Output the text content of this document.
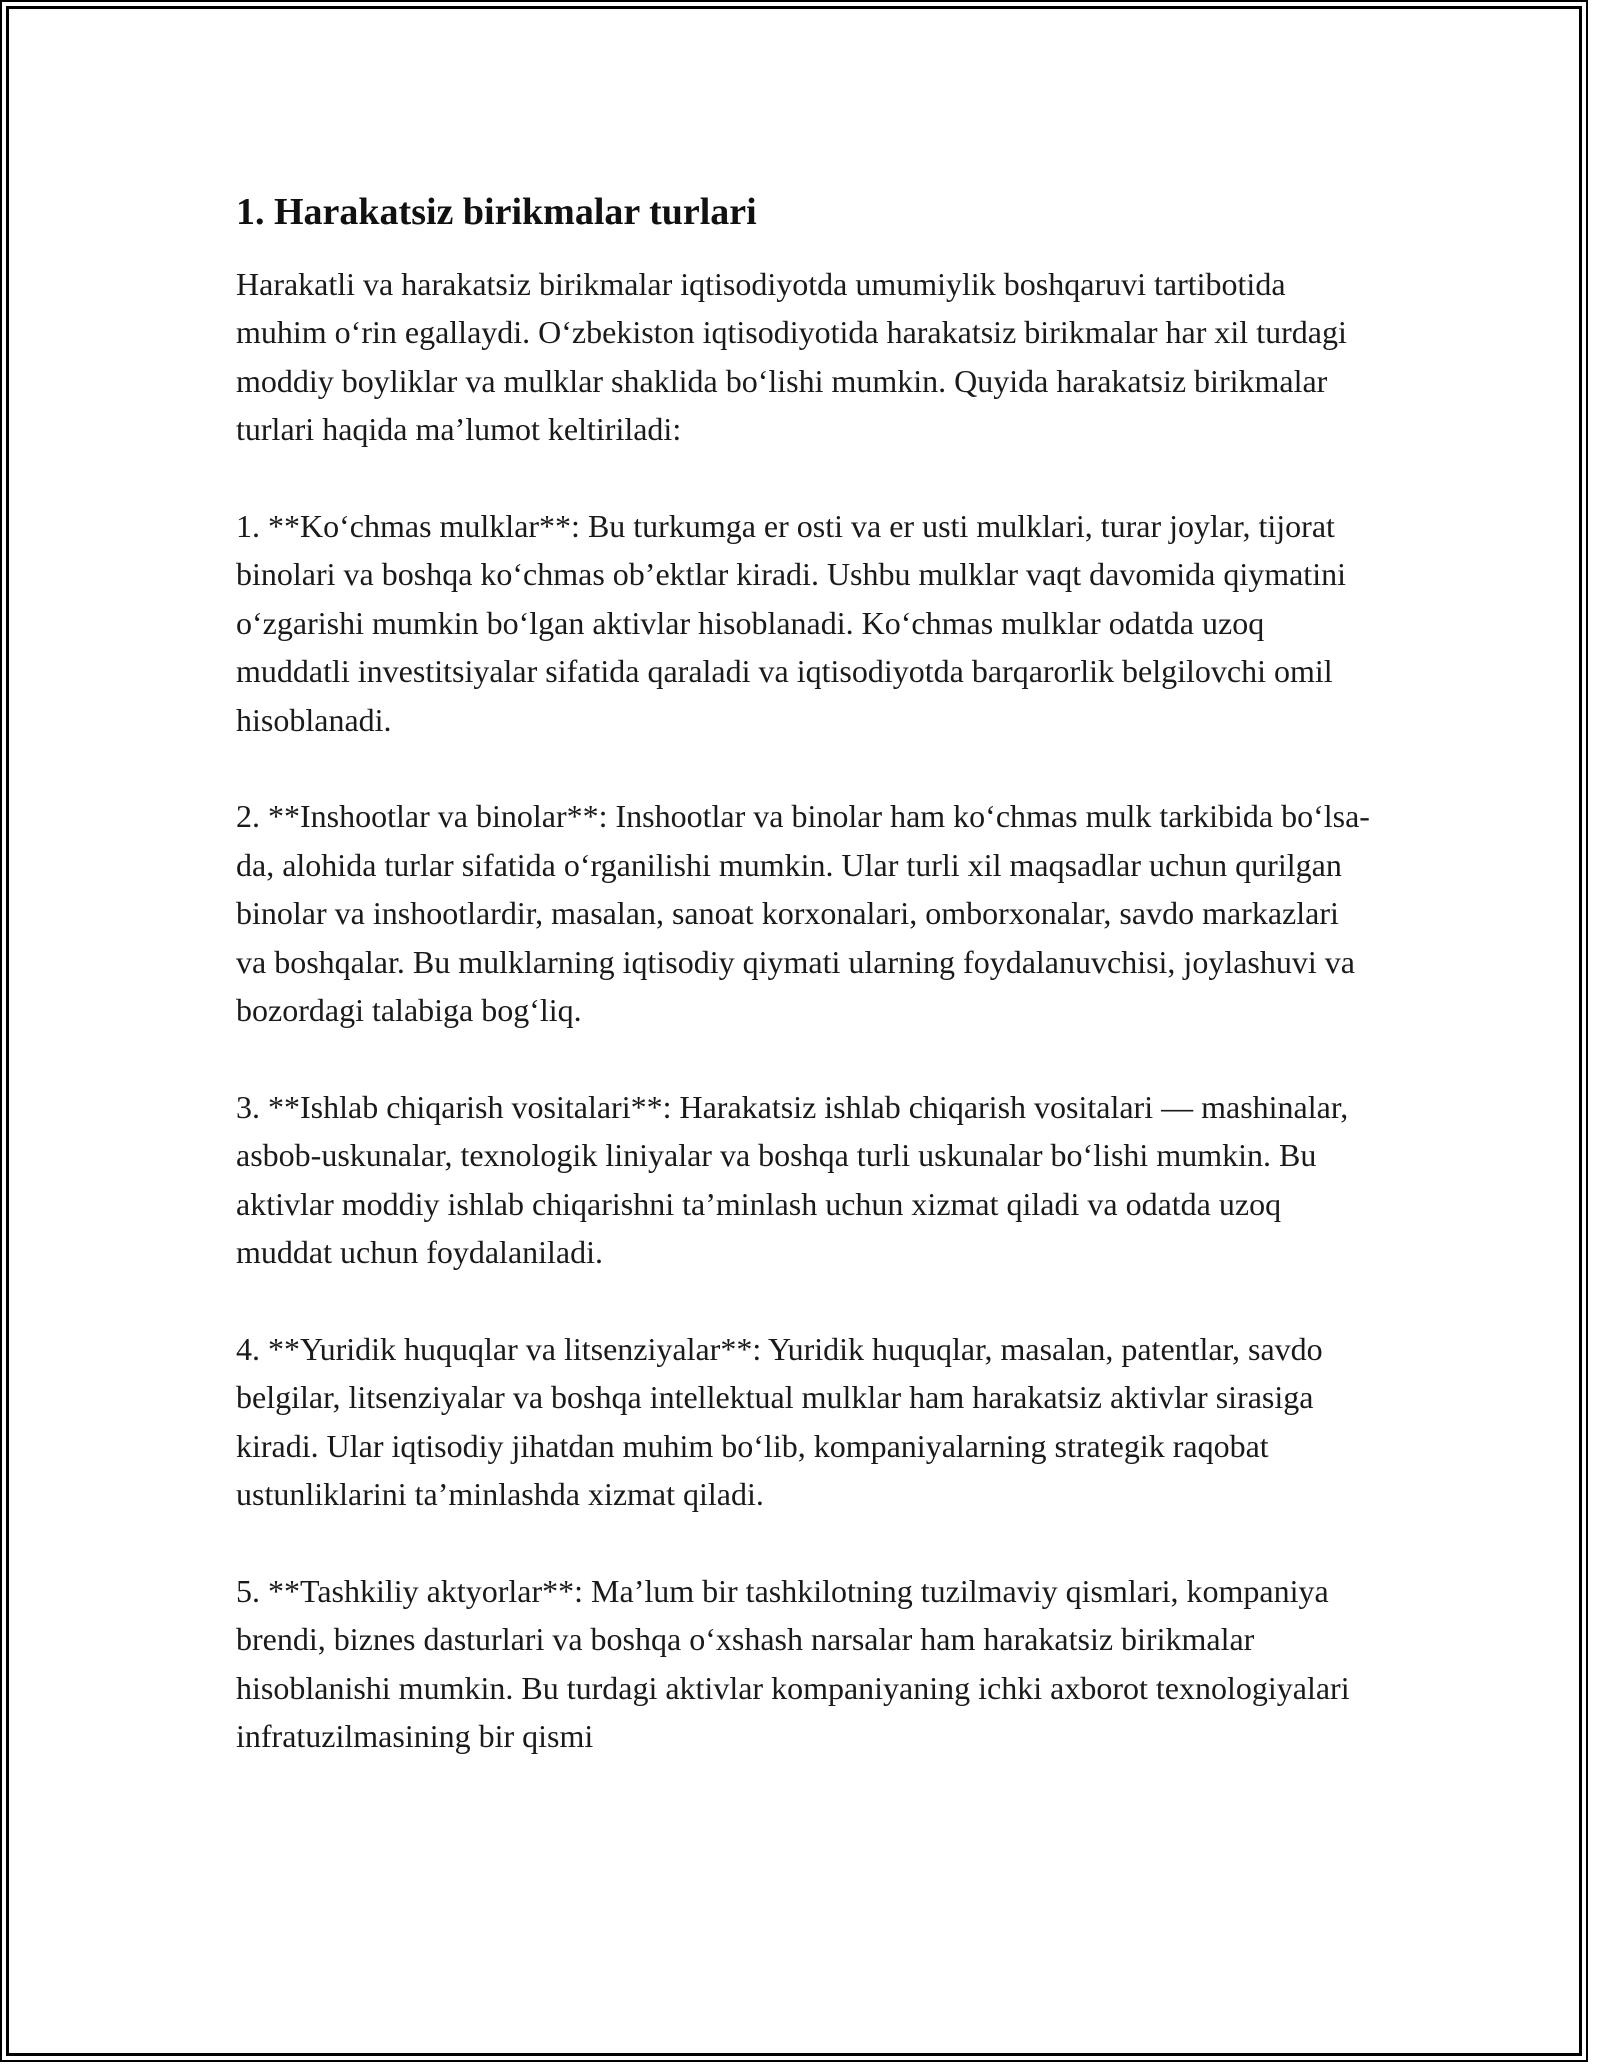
1. Harakatsiz birikmalar turlari

Harakatli va harakatsiz birikmalar iqtisodiyotda umumiylik boshqaruvi tartibotida muhim o‘rin egallaydi. O‘zbekiston iqtisodiyotida harakatsiz birikmalar har xil turdagi moddiy boyliklar va mulklar shaklida bo‘lishi mumkin. Quyida harakatsiz birikmalar turlari haqida ma’lumot keltiriladi:

1. **Ko‘chmas mulklar**: Bu turkumga er osti va er usti mulklari, turar joylar, tijorat binolari va boshqa ko‘chmas ob’ektlar kiradi. Ushbu mulklar vaqt davomida qiymatini o‘zgarishi mumkin bo‘lgan aktivlar hisoblanadi. Ko‘chmas mulklar odatda uzoq muddatli investitsiyalar sifatida qaraladi va iqtisodiyotda barqarorlik belgilovchi omil hisoblanadi.

2. **Inshootlar va binolar**: Inshootlar va binolar ham ko‘chmas mulk tarkibida bo‘lsa-da, alohida turlar sifatida o‘rganilishi mumkin. Ular turli xil maqsadlar uchun qurilgan binolar va inshootlardir, masalan, sanoat korxonalari, omborxonalar, savdo markazlari va boshqalar. Bu mulklarning iqtisodiy qiymati ularning foydalanuvchisi, joylashuvi va bozordagi talabiga bog‘liq.

3. **Ishlab chiqarish vositalari**: Harakatsiz ishlab chiqarish vositalari — mashinalar, asbob-uskunalar, texnologik liniyalar va boshqa turli uskunalar bo‘lishi mumkin. Bu aktivlar moddiy ishlab chiqarishni ta’minlash uchun xizmat qiladi va odatda uzoq muddat uchun foydalaniladi.

4. **Yuridik huquqlar va litsenziyalar**: Yuridik huquqlar, masalan, patentlar, savdo belgilar, litsenziyalar va boshqa intellektual mulklar ham harakatsiz aktivlar sirasiga kiradi. Ular iqtisodiy jihatdan muhim bo‘lib, kompaniyalarning strategik raqobat ustunliklarini ta’minlashda xizmat qiladi.

5. **Tashkiliy aktyorlar**: Ma’lum bir tashkilotning tuzilmaviy qismlari, kompaniya brendi, biznes dasturlari va boshqa o‘xshash narsalar ham harakatsiz birikmalar hisoblanishi mumkin. Bu turdagi aktivlar kompaniyaning ichki axborot texnologiyalari infratuzilmasining bir qismi
